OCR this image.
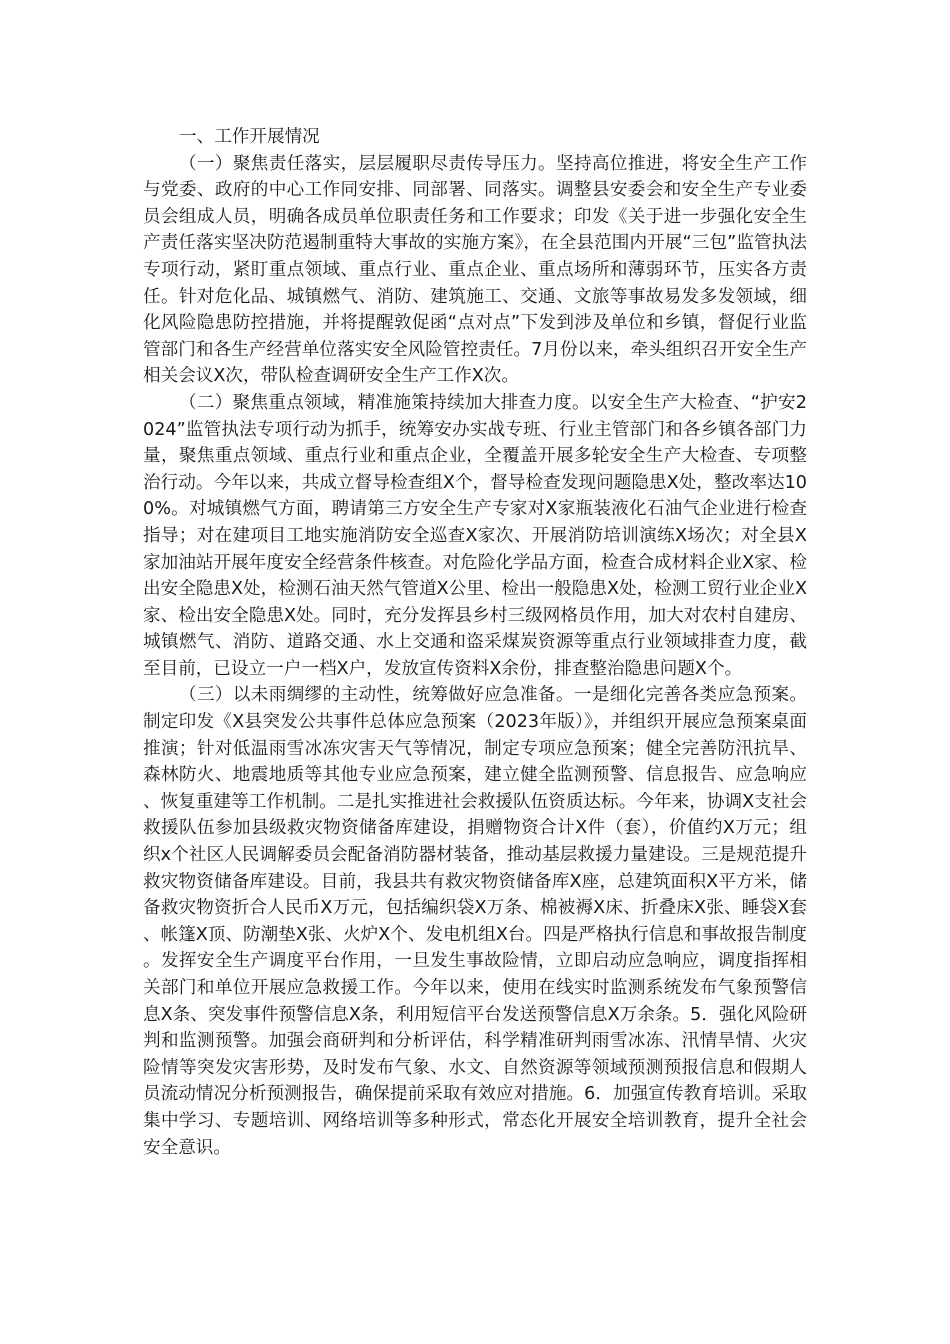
一、工作开展情况

（一）聚焦责任落实，层层履职尽责传导压力。坚持高位推进，将安全生产工作与党委、政府的中心工作同安排、同部署、同落实。调整县安委会和安全生产专业委员会组成人员，明确各成员单位职责任务和工作要求；印发《关于进一步强化安全生产责任落实坚决防范遏制重特大事故的实施方案》，在全县范围内开展“三包”监管执法专项行动，紧盯重点领域、重点行业、重点企业、重点场所和薄弱环节，压实各方责任。针对危化品、城镇燃气、消防、建筑施工、交通、文旅等事故易发多发领域，细化风险隐患防控措施，并将提醒敦促函“点对点”下发到涉及单位和乡镇，督促行业监管部门和各生产经营单位落实安全风险管控责任。7月份以来，牵头组织召开安全生产相关会议X次，带队检查调研安全生产工作X次。

（二）聚焦重点领域，精准施策持续加大排查力度。以安全生产大检查、“护安2024”监管执法专项行动为抓手，统筹安办实战专班、行业主管部门和各乡镇各部门力量，聚焦重点领域、重点行业和重点企业，全覆盖开展多轮安全生产大检查、专项整治行动。今年以来，共成立督导检查组X个，督导检查发现问题隐患X处，整改率达100%。对城镇燃气方面，聘请第三方安全生产专家对X家瓶装液化石油气企业进行检查指导；对在建项目工地实施消防安全巡查X家次、开展消防培训演练X场次；对全县X家加油站开展年度安全经营条件核查。对危险化学品方面，检查合成材料企业X家、检出安全隐患X处，检测石油天然气管道X公里、检出一般隐患X处，检测工贸行业企业X家、检出安全隐患X处。同时，充分发挥县乡村三级网格员作用，加大对农村自建房、城镇燃气、消防、道路交通、水上交通和盗采煤炭资源等重点行业领域排查力度，截至目前，已设立一户一档X户，发放宣传资料X余份，排查整治隐患问题X个。

（三）以未雨绸缪的主动性，统筹做好应急准备。一是细化完善各类应急预案。制定印发《X县突发公共事件总体应急预案（2023年版）》，并组织开展应急预案桌面推演；针对低温雨雪冰冻灾害天气等情况，制定专项应急预案；健全完善防汛抗旱、森林防火、地震地质等其他专业应急预案，建立健全监测预警、信息报告、应急响应、恢复重建等工作机制。二是扎实推进社会救援队伍资质达标。今年来，协调X支社会救援队伍参加县级救灾物资储备库建设，捐赠物资合计X件（套），价值约X万元；组织x个社区人民调解委员会配备消防器材装备，推动基层救援力量建设。三是规范提升救灾物资储备库建设。目前，我县共有救灾物资储备库X座，总建筑面积X平方米，储备救灾物资折合人民币X万元，包括编织袋X万条、棉被褥X床、折叠床X张、睡袋X套、帐篷X顶、防潮垫X张、火炉X个、发电机组X台。四是严格执行信息和事故报告制度。发挥安全生产调度平台作用，一旦发生事故险情，立即启动应急响应，调度指挥相关部门和单位开展应急救援工作。今年以来，使用在线实时监测系统发布气象预警信息X条、突发事件预警信息X条，利用短信平台发送预警信息X万余条。5．强化风险研判和监测预警。加强会商研判和分析评估，科学精准研判雨雪冰冻、汛情旱情、火灾险情等突发灾害形势，及时发布气象、水文、自然资源等领域预测预报信息和假期人员流动情况分析预测报告，确保提前采取有效应对措施。6．加强宣传教育培训。采取集中学习、专题培训、网络培训等多种形式，常态化开展安全培训教育，提升全社会安全意识。
